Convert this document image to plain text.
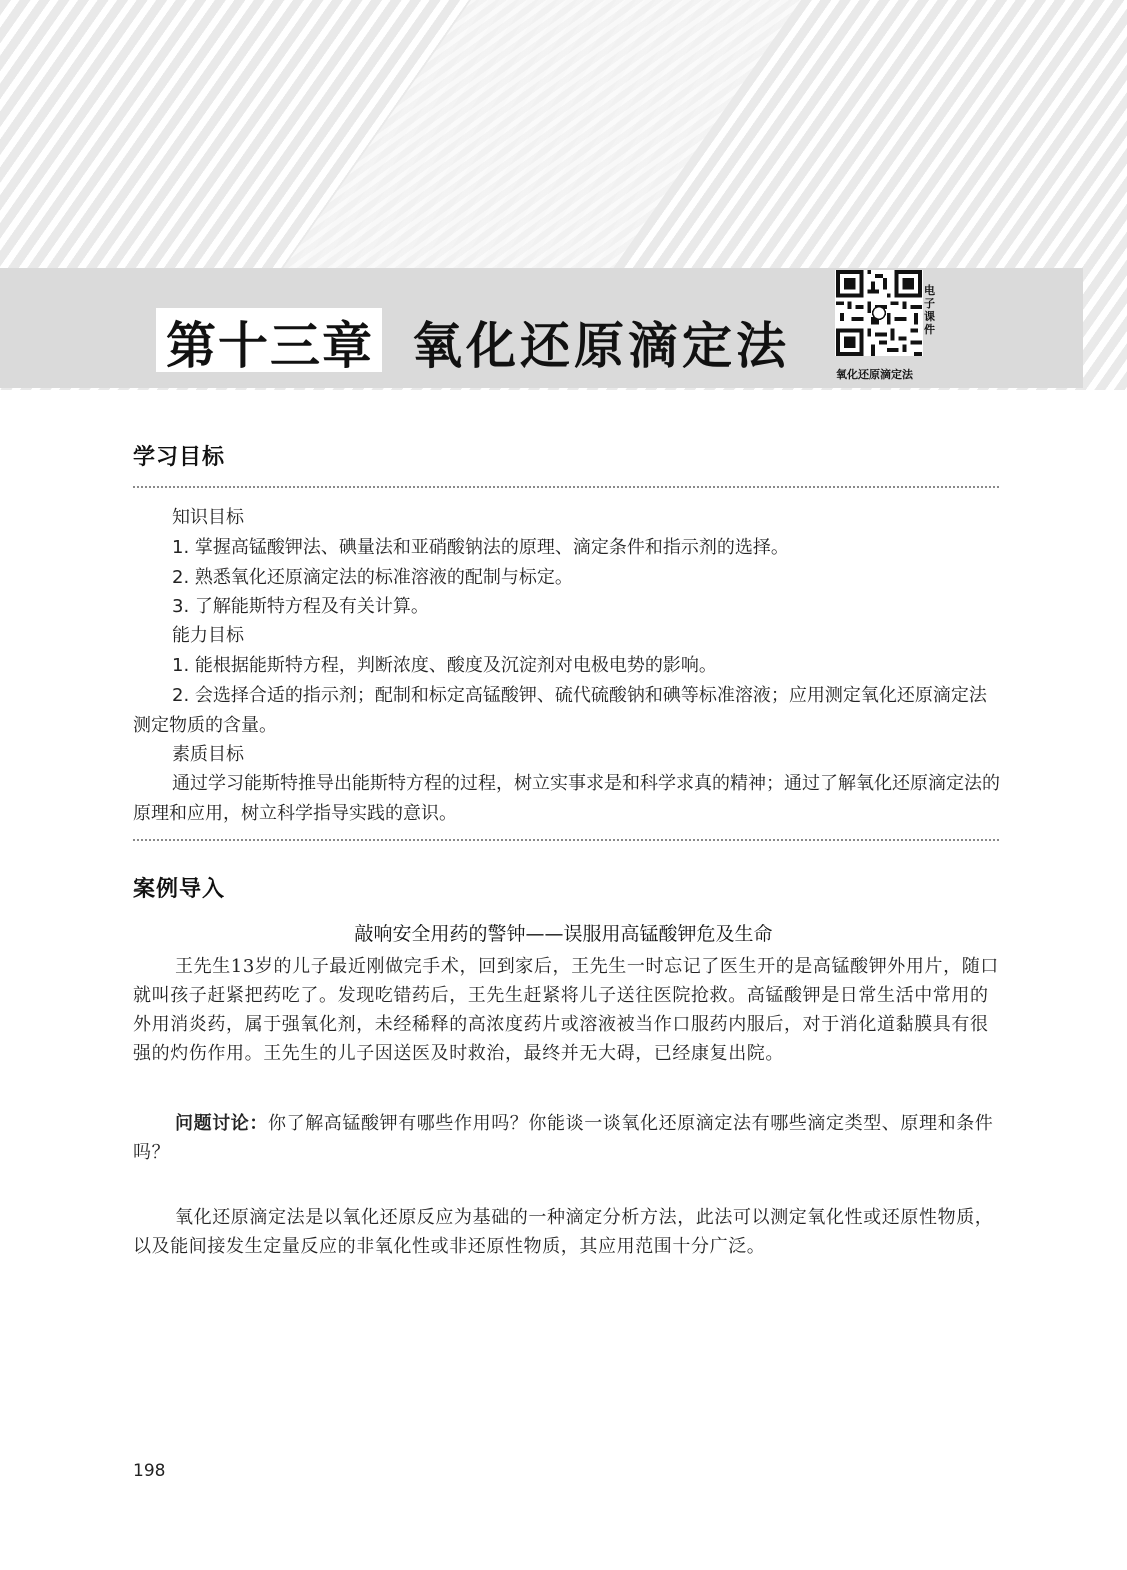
第十三章 氧化还原滴定法
电
子
课
件
氧化还原滴定法
学习目标
知识目标
1. 掌握高锰酸钾法、碘量法和亚硝酸钠法的原理、滴定条件和指示剂的选择。
2. 熟悉氧化还原滴定法的标准溶液的配制与标定。
3. 了解能斯特方程及有关计算。
能力目标
1. 能根据能斯特方程，判断浓度、酸度及沉淀剂对电极电势的影响。

2. 会选择合适的指示剂；配制和标定高锰酸钾、硫代硫酸钠和碘等标准溶液；应用测定氧化还原滴定法测定物质的含量。

素质目标

通过学习能斯特推导出能斯特方程的过程，树立实事求是和科学求真的精神；通过了解氧化还原滴定法的原理和应用，树立科学指导实践的意识。

案例导入
敲响安全用药的警钟——误服用高锰酸钾危及生命

王先生13岁的儿子最近刚做完手术，回到家后，王先生一时忘记了医生开的是高锰酸钾外用片，随口就叫孩子赶紧把药吃了。发现吃错药后，王先生赶紧将儿子送往医院抢救。高锰酸钾是日常生活中常用的外用消炎药，属于强氧化剂，未经稀释的高浓度药片或溶液被当作口服药内服后，对于消化道黏膜具有很强的灼伤作用。王先生的儿子因送医及时救治，最终并无大碍，已经康复出院。

问题讨论：你了解高锰酸钾有哪些作用吗？你能谈一谈氧化还原滴定法有哪些滴定类型、原理和条件吗？

氧化还原滴定法是以氧化还原反应为基础的一种滴定分析方法，此法可以测定氧化性或还原性物质，以及能间接发生定量反应的非氧化性或非还原性物质，其应用范围十分广泛。

198
